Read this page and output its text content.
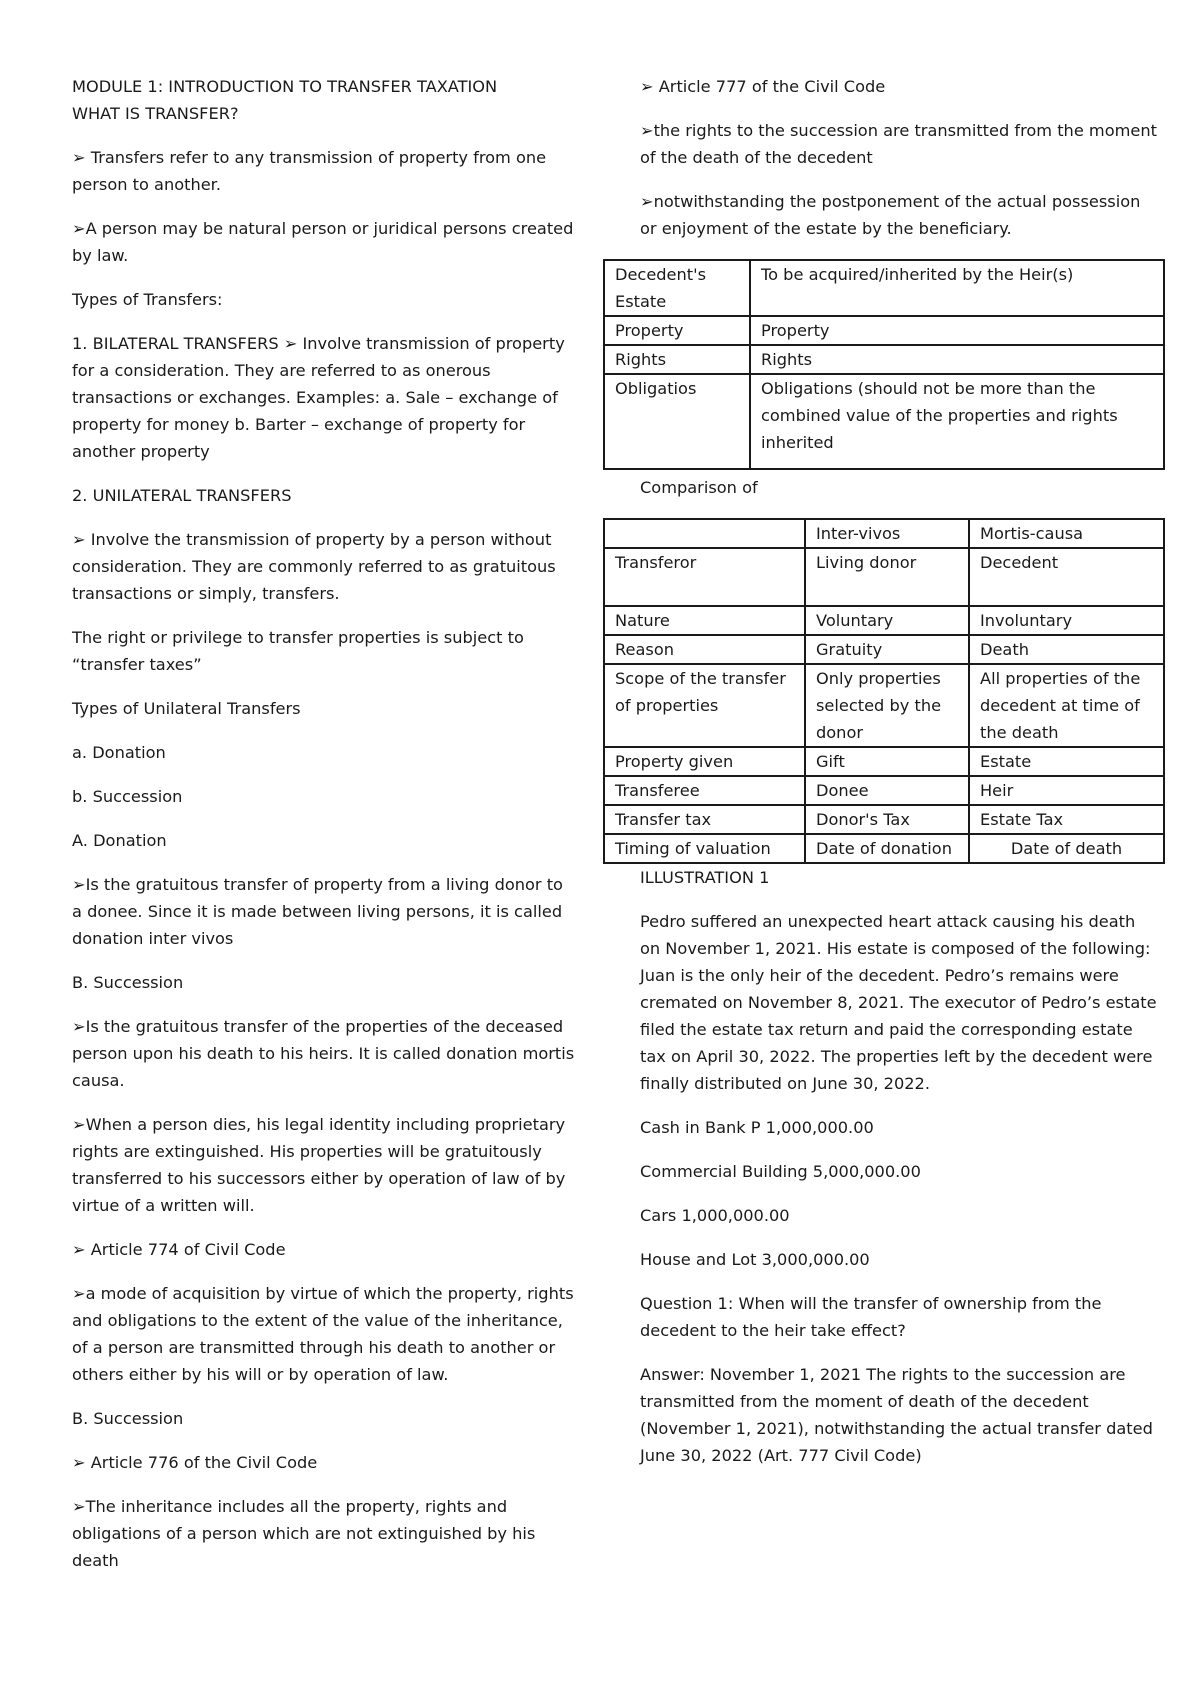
MODULE 1: INTRODUCTION TO TRANSFER TAXATION

WHAT IS TRANSFER?

➢ Transfers refer to any transmission of property from one person to another.

➢A person may be natural person or juridical persons created by law.

Types of Transfers:

1. BILATERAL TRANSFERS ➢ Involve transmission of property for a consideration. They are referred to as onerous transactions or exchanges. Examples: a. Sale – exchange of property for money b. Barter – exchange of property for another property

2. UNILATERAL TRANSFERS

➢ Involve the transmission of property by a person without consideration. They are commonly referred to as gratuitous transactions or simply, transfers.

The right or privilege to transfer properties is subject to “transfer taxes”

Types of Unilateral Transfers

a. Donation

b. Succession

A. Donation

➢Is the gratuitous transfer of property from a living donor to a donee. Since it is made between living persons, it is called donation inter vivos

B. Succession

➢Is the gratuitous transfer of the properties of the deceased person upon his death to his heirs. It is called donation mortis causa.

➢When a person dies, his legal identity including proprietary rights are extinguished. His properties will be gratuitously transferred to his successors either by operation of law of by virtue of a written will.

➢ Article 774 of Civil Code

➢a mode of acquisition by virtue of which the property, rights and obligations to the extent of the value of the inheritance, of a person are transmitted through his death to another or others either by his will or by operation of law.

B. Succession

➢ Article 776 of the Civil Code

➢The inheritance includes all the property, rights and obligations of a person which are not extinguished by his death

➢ Article 777 of the Civil Code

➢the rights to the succession are transmitted from the moment of the death of the decedent

➢notwithstanding the postponement of the actual possession or enjoyment of the estate by the beneficiary.

Decedent's Estate	To be acquired/inherited by the Heir(s)
Property	Property
Rights	Rights
Obligatios	Obligations (should not be more than the combined value of the properties and rights inherited

Comparison of

	Inter-vivos	Mortis-causa
Transferor	Living donor	Decedent
Nature	Voluntary	Involuntary
Reason	Gratuity	Death
Scope of the transfer of properties	Only properties selected by the donor	All properties of the decedent at time of the death
Property given	Gift	Estate
Transferee	Donee	Heir
Transfer tax	Donor's Tax	Estate Tax
Timing of valuation	Date of donation	Date of death

ILLUSTRATION 1

Pedro suffered an unexpected heart attack causing his death on November 1, 2021. His estate is composed of the following: Juan is the only heir of the decedent. Pedro’s remains were cremated on November 8, 2021. The executor of Pedro’s estate filed the estate tax return and paid the corresponding estate tax on April 30, 2022. The properties left by the decedent were finally distributed on June 30, 2022.

Cash in Bank P 1,000,000.00

Commercial Building 5,000,000.00

Cars 1,000,000.00

House and Lot 3,000,000.00

Question 1: When will the transfer of ownership from the decedent to the heir take effect?

Answer: November 1, 2021 The rights to the succession are transmitted from the moment of death of the decedent (November 1, 2021), notwithstanding the actual transfer dated June 30, 2022 (Art. 777 Civil Code)
